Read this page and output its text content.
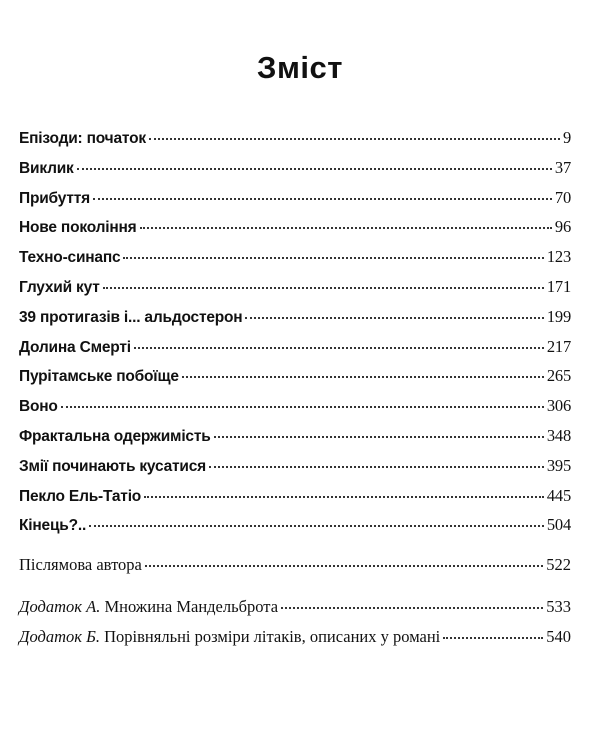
Зміст
Епізоди: початок	9
Виклик	37
Прибуття	70
Нове покоління	96
Техно-синапс	123
Глухий кут	171
39 протигазів і... альдостерон	199
Долина Смерті	217
Пурітамське побоїще	265
Воно	306
Фрактальна одержимість	348
Змії починають кусатися	395
Пекло Ель-Татіо	445
Кінець?..	504
Післямова автора	522
Додаток А. Множина Мандельброта	533
Додаток Б. Порівняльні розміри літаків, описаних у романі	540
